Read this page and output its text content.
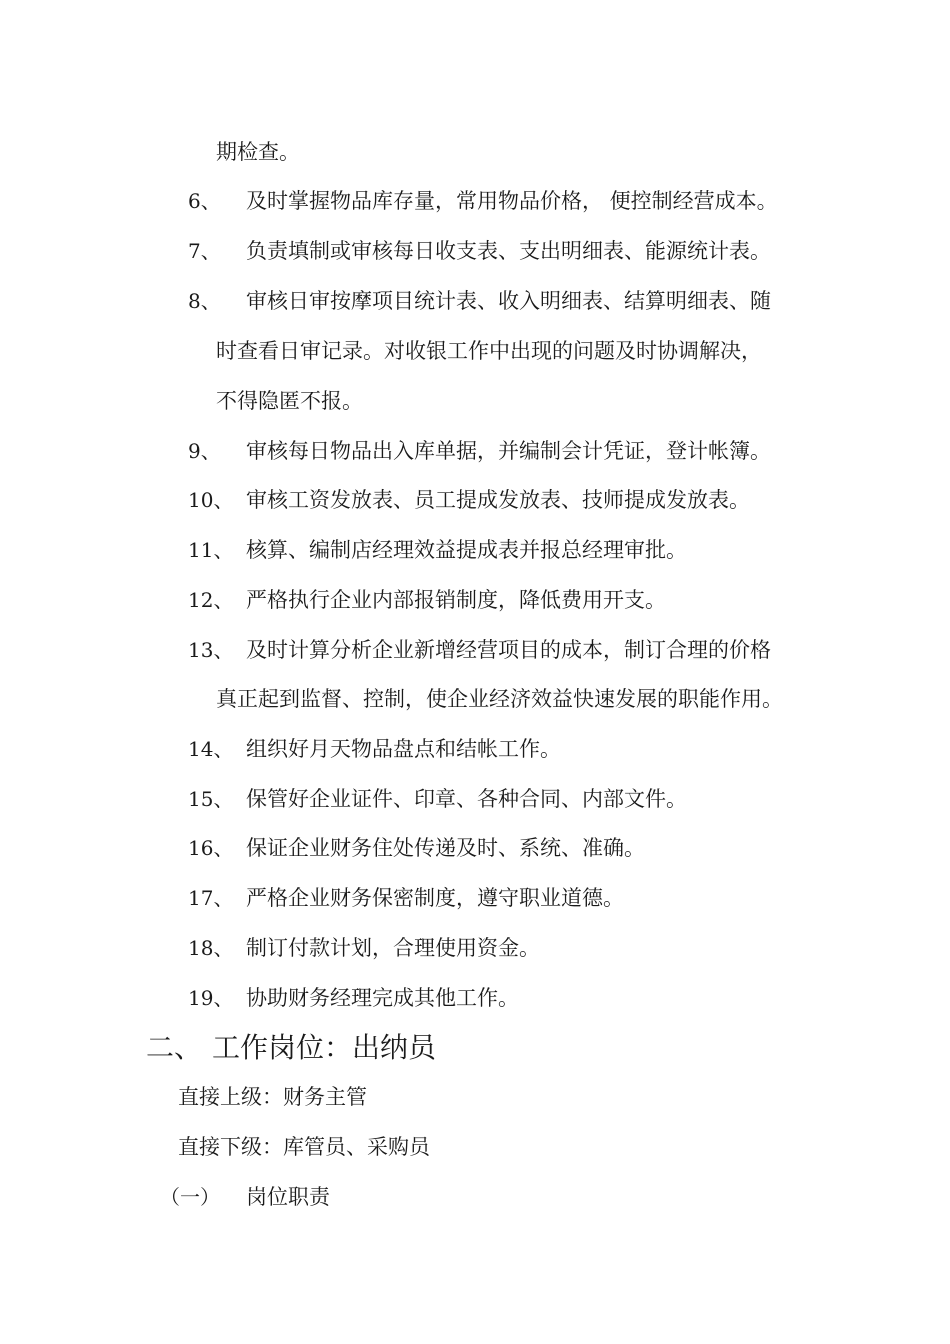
期检查。
6、 及时掌握物品库存量，常用物品价格， 便控制经营成本。
7、 负责填制或审核每日收支表、支出明细表、能源统计表。
8、 审核日审按摩项目统计表、收入明细表、结算明细表、随
时查看日审记录。对收银工作中出现的问题及时协调解决，
不得隐匿不报。
9、 审核每日物品出入库单据，并编制会计凭证，登计帐簿。
10、 审核工资发放表、员工提成发放表、技师提成发放表。
11、 核算、编制店经理效益提成表并报总经理审批。
12、 严格执行企业内部报销制度，降低费用开支。
13、 及时计算分析企业新增经营项目的成本，制订合理的价格
真正起到监督、控制，使企业经济效益快速发展的职能作用。
14、 组织好月天物品盘点和结帐工作。
15、 保管好企业证件、印章、各种合同、内部文件。
16、 保证企业财务住处传递及时、系统、准确。
17、 严格企业财务保密制度，遵守职业道德。
18、 制订付款计划，合理使用资金。
19、 协助财务经理完成其他工作。
二、 工作岗位：出纳员
直接上级：财务主管
直接下级：库管员、采购员
（一） 岗位职责
